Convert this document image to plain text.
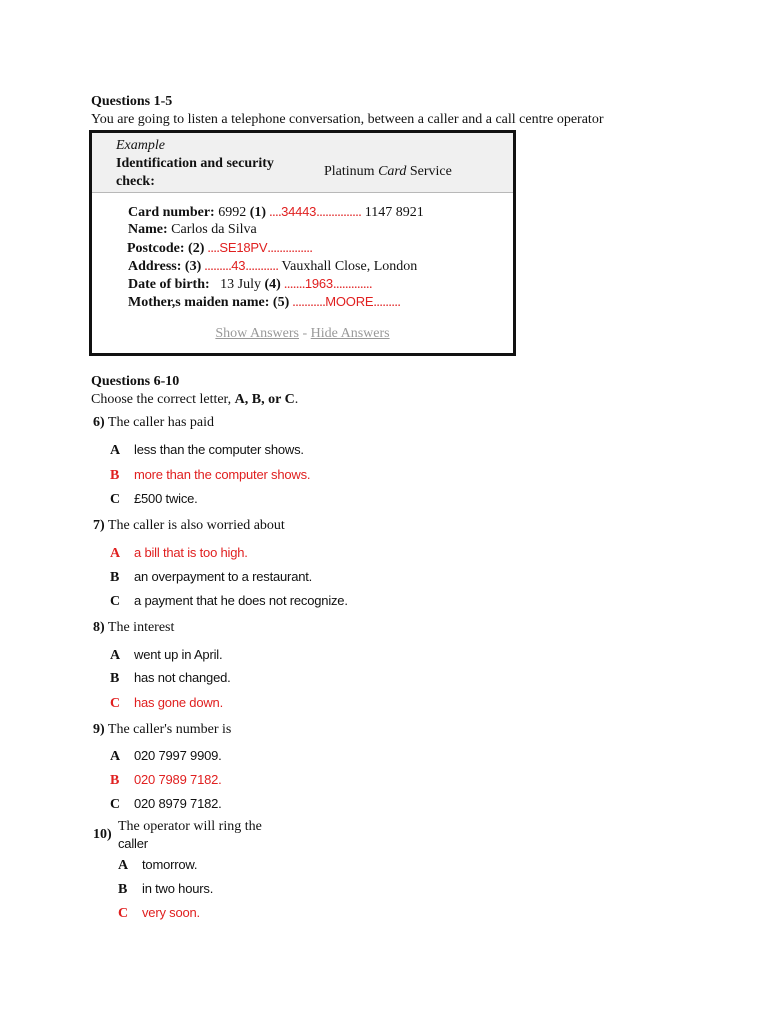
Questions 1-5
You are going to listen a telephone conversation, between a caller and a call centre operator
Example
Identification and security check:
Platinum Card Service
Card number: 6992 (1) ....34443............... 1147 8921
Name: Carlos da Silva
Postcode: (2) ....SE18PV...............
Address: (3) .........43........... Vauxhall Close, London
Date of birth:   13 July (4) .......1963.............
Mother,s maiden name: (5) ...........MOORE.........
Show Answers - Hide Answers
Questions 6-10
Choose the correct letter, A, B, or C.
6) The caller has paid
A less than the computer shows.
B more than the computer shows.
C £500 twice.
7) The caller is also worried about
A a bill that is too high.
B an overpayment to a restaurant.
C a payment that he does not recognize.
8) The interest
A went up in April.
B has not changed.
C has gone down.
9) The caller's number is
A 020 7997 9909.
B 020 7989 7182.
C 020 8979 7182.
10)
The operator will ring the
caller
A tomorrow.
B in two hours.
C very soon.
